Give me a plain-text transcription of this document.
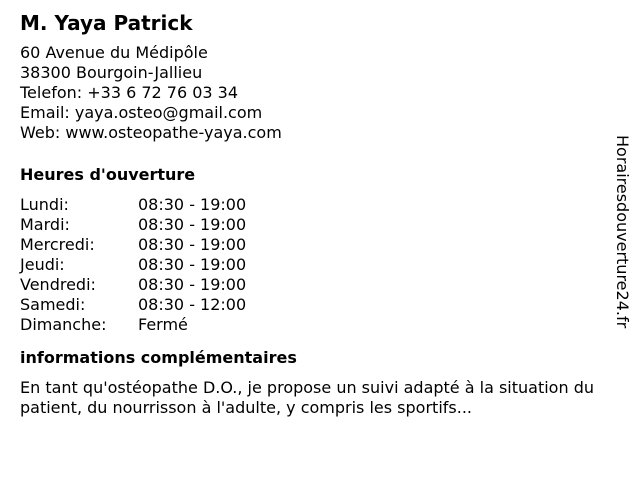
M. Yaya Patrick
60 Avenue du Médipôle
38300 Bourgoin-Jallieu
Telefon: +33 6 72 76 03 34
Email: yaya.osteo@gmail.com
Web: www.osteopathe-yaya.com
Heures d'ouverture
Lundi:	08:30 - 19:00
Mardi:	08:30 - 19:00
Mercredi:	08:30 - 19:00
Jeudi:	08:30 - 19:00
Vendredi:	08:30 - 19:00
Samedi:	08:30 - 12:00
Dimanche:	Fermé
informations complémentaires
En tant qu'ostéopathe D.O., je propose un suivi adapté à la situation du patient, du nourrisson à l'adulte, y compris les sportifs...
Horairesdouverture24.fr
